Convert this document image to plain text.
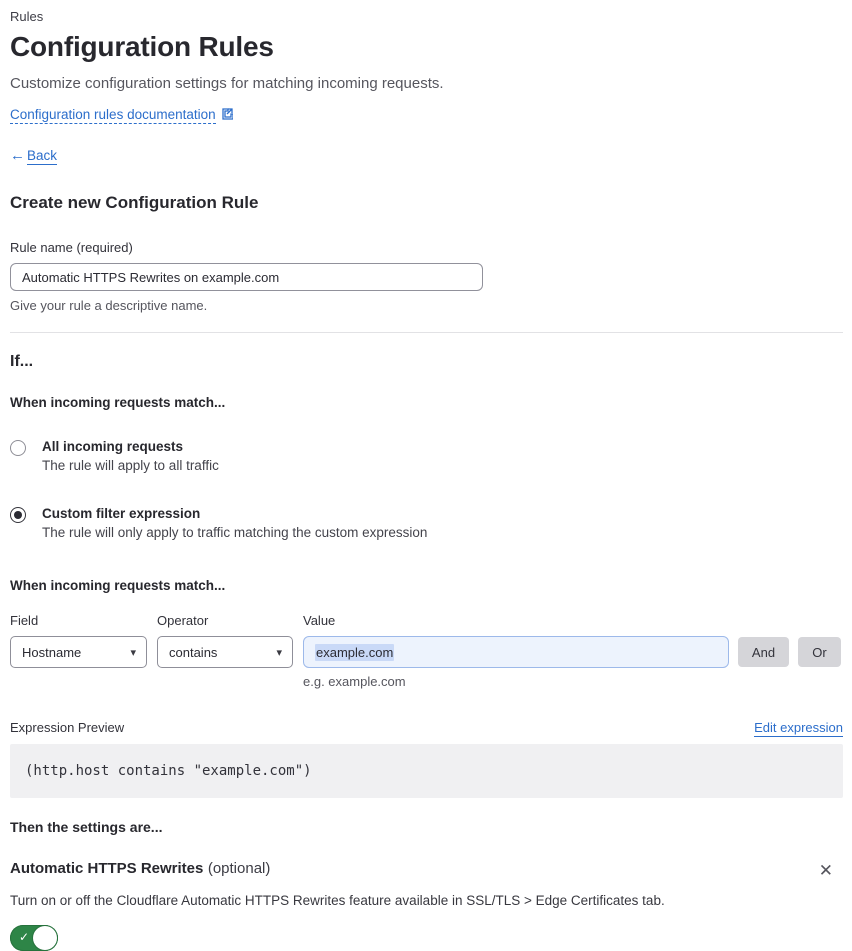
Rules
Configuration Rules
Customize configuration settings for matching incoming requests.
Configuration rules documentation
← Back
Create new Configuration Rule
Rule name (required)
Automatic HTTPS Rewrites on example.com
Give your rule a descriptive name.
If...
When incoming requests match...
All incoming requests
The rule will apply to all traffic
Custom filter expression
The rule will only apply to traffic matching the custom expression
When incoming requests match...
Field	Operator	Value
Hostname	▾	contains	▾	example.com	And	Or
e.g. example.com
Expression Preview	Edit expression
(http.host contains "example.com")
Then the settings are...
Automatic HTTPS Rewrites (optional)	✕
Turn on or off the Cloudflare Automatic HTTPS Rewrites feature available in SSL/TLS > Edge Certificates tab.
✓
